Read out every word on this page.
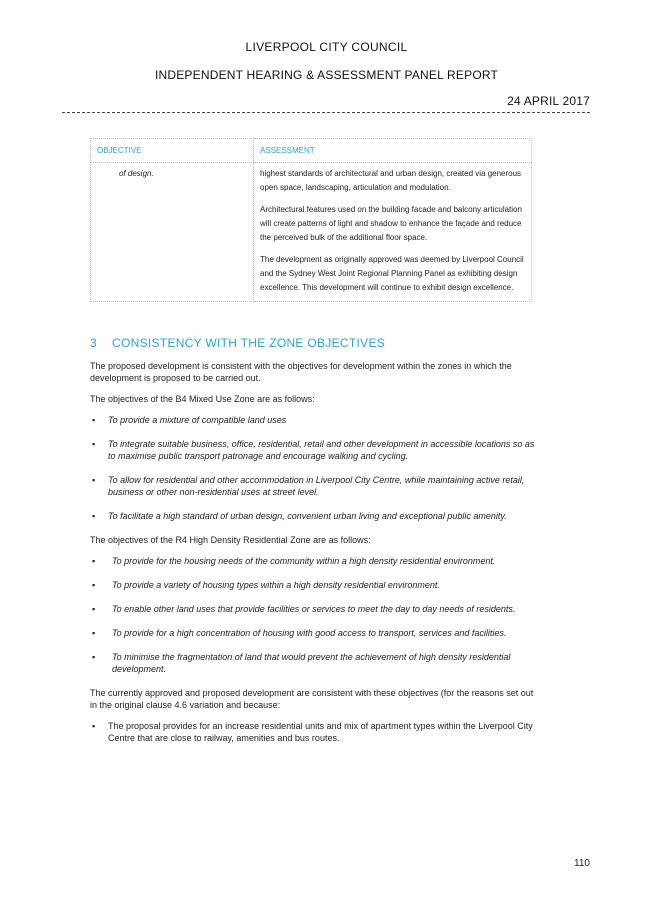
LIVERPOOL CITY COUNCIL
INDEPENDENT HEARING & ASSESSMENT PANEL REPORT
24 APRIL 2017
OBJECTIVE	ASSESSMENT

of design.	highest standards of architectural and urban design, created via generous open space, landscaping, articulation and modulation.

Architectural features used on the building facade and balcony articulation will create patterns of light and shadow to enhance the façade and reduce the perceived bulk of the additional floor space.

The development as originally approved was deemed by Liverpool Council and the Sydney West Joint Regional Planning Panel as exhibiting design excellence. This development will continue to exhibit design excellence.

3 CONSISTENCY WITH THE ZONE OBJECTIVES

The proposed development is consistent with the objectives for development within the zones in which the development is proposed to be carried out.

The objectives of the B4 Mixed Use Zone are as follows:

▪ To provide a mixture of compatible land uses
▪ To integrate suitable business, office, residential, retail and other development in accessible locations so as to maximise public transport patronage and encourage walking and cycling.
▪ To allow for residential and other accommodation in Liverpool City Centre, while maintaining active retail, business or other non-residential uses at street level.
▪ To facilitate a high standard of urban design, convenient urban living and exceptional public amenity.

The objectives of the R4 High Density Residential Zone are as follows:

▪ To provide for the housing needs of the community within a high density residential environment.
▪ To provide a variety of housing types within a high density residential environment.
▪ To enable other land uses that provide facilities or services to meet the day to day needs of residents.
▪ To provide for a high concentration of housing with good access to transport, services and facilities.
▪ To minimise the fragmentation of land that would prevent the achievement of high density residential development.

The currently approved and proposed development are consistent with these objectives (for the reasons set out in the original clause 4.6 variation and because:

▪ The proposal provides for an increase residential units and mix of apartment types within the Liverpool City Centre that are close to railway, amenities and bus routes.
110
